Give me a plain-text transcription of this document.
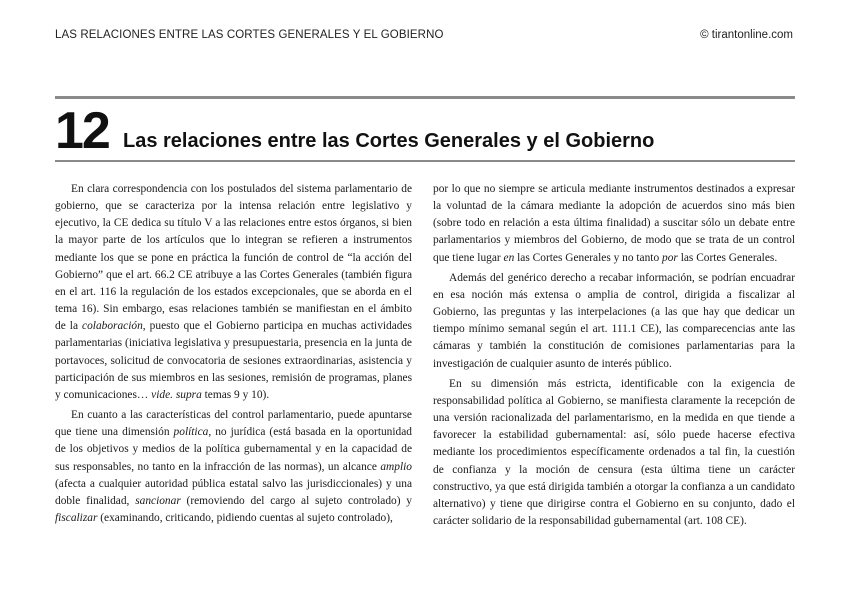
LAS RELACIONES ENTRE LAS CORTES GENERALES Y EL GOBIERNO	© tirantonline.com
12 Las relaciones entre las Cortes Generales y el Gobierno

En clara correspondencia con los postulados del sistema parlamentario de gobierno, que se caracteriza por la intensa relación entre legislativo y ejecutivo, la CE dedica su título V a las relaciones entre estos órganos, si bien la mayor parte de los artículos que lo integran se refieren a instrumentos mediante los que se pone en práctica la función de control de “la acción del Gobierno” que el art. 66.2 CE atribuye a las Cortes Generales (también figura en el art. 116 la regulación de los estados excepcionales, que se aborda en el tema 16). Sin embargo, esas relaciones también se manifiestan en el ámbito de la colaboración, puesto que el Gobierno participa en muchas actividades parlamentarias (iniciativa legislativa y presupuestaria, presencia en la junta de portavoces, solicitud de convocatoria de sesiones extraordinarias, asistencia y participación de sus miembros en las sesiones, remisión de programas, planes y comunicaciones… vide. supra temas 9 y 10).

En cuanto a las características del control parlamentario, puede apuntarse que tiene una dimensión política, no jurídica (está basada en la oportunidad de los objetivos y medios de la política gubernamental y en la capacidad de sus responsables, no tanto en la infracción de las normas), un alcance amplio (afecta a cualquier autoridad pública estatal salvo las jurisdiccionales) y una doble finalidad, sancionar (removiendo del cargo al sujeto controlado) y fiscalizar (examinando, criticando, pidiendo cuentas al sujeto controlado),

por lo que no siempre se articula mediante instrumentos destinados a expresar la voluntad de la cámara mediante la adopción de acuerdos sino más bien (sobre todo en relación a esta última finalidad) a suscitar sólo un debate entre parlamentarios y miembros del Gobierno, de modo que se trata de un control que tiene lugar en las Cortes Generales y no tanto por las Cortes Generales.

Además del genérico derecho a recabar información, se podrían encuadrar en esa noción más extensa o amplia de control, dirigida a fiscalizar al Gobierno, las preguntas y las interpelaciones (a las que hay que dedicar un tiempo mínimo semanal según el art. 111.1 CE), las comparecencias ante las cámaras y también la constitución de comisiones parlamentarias para la investigación de cualquier asunto de interés público.

En su dimensión más estricta, identificable con la exigencia de responsabilidad política al Gobierno, se manifiesta claramente la recepción de una versión racionalizada del parlamentarismo, en la medida en que tiende a favorecer la estabilidad gubernamental: así, sólo puede hacerse efectiva mediante los procedimientos específicamente ordenados a tal fin, la cuestión de confianza y la moción de censura (esta última tiene un carácter constructivo, ya que está dirigida también a otorgar la confianza a un candidato alternativo) y tiene que dirigirse contra el Gobierno en su conjunto, dado el carácter solidario de la responsabilidad gubernamental (art. 108 CE).
